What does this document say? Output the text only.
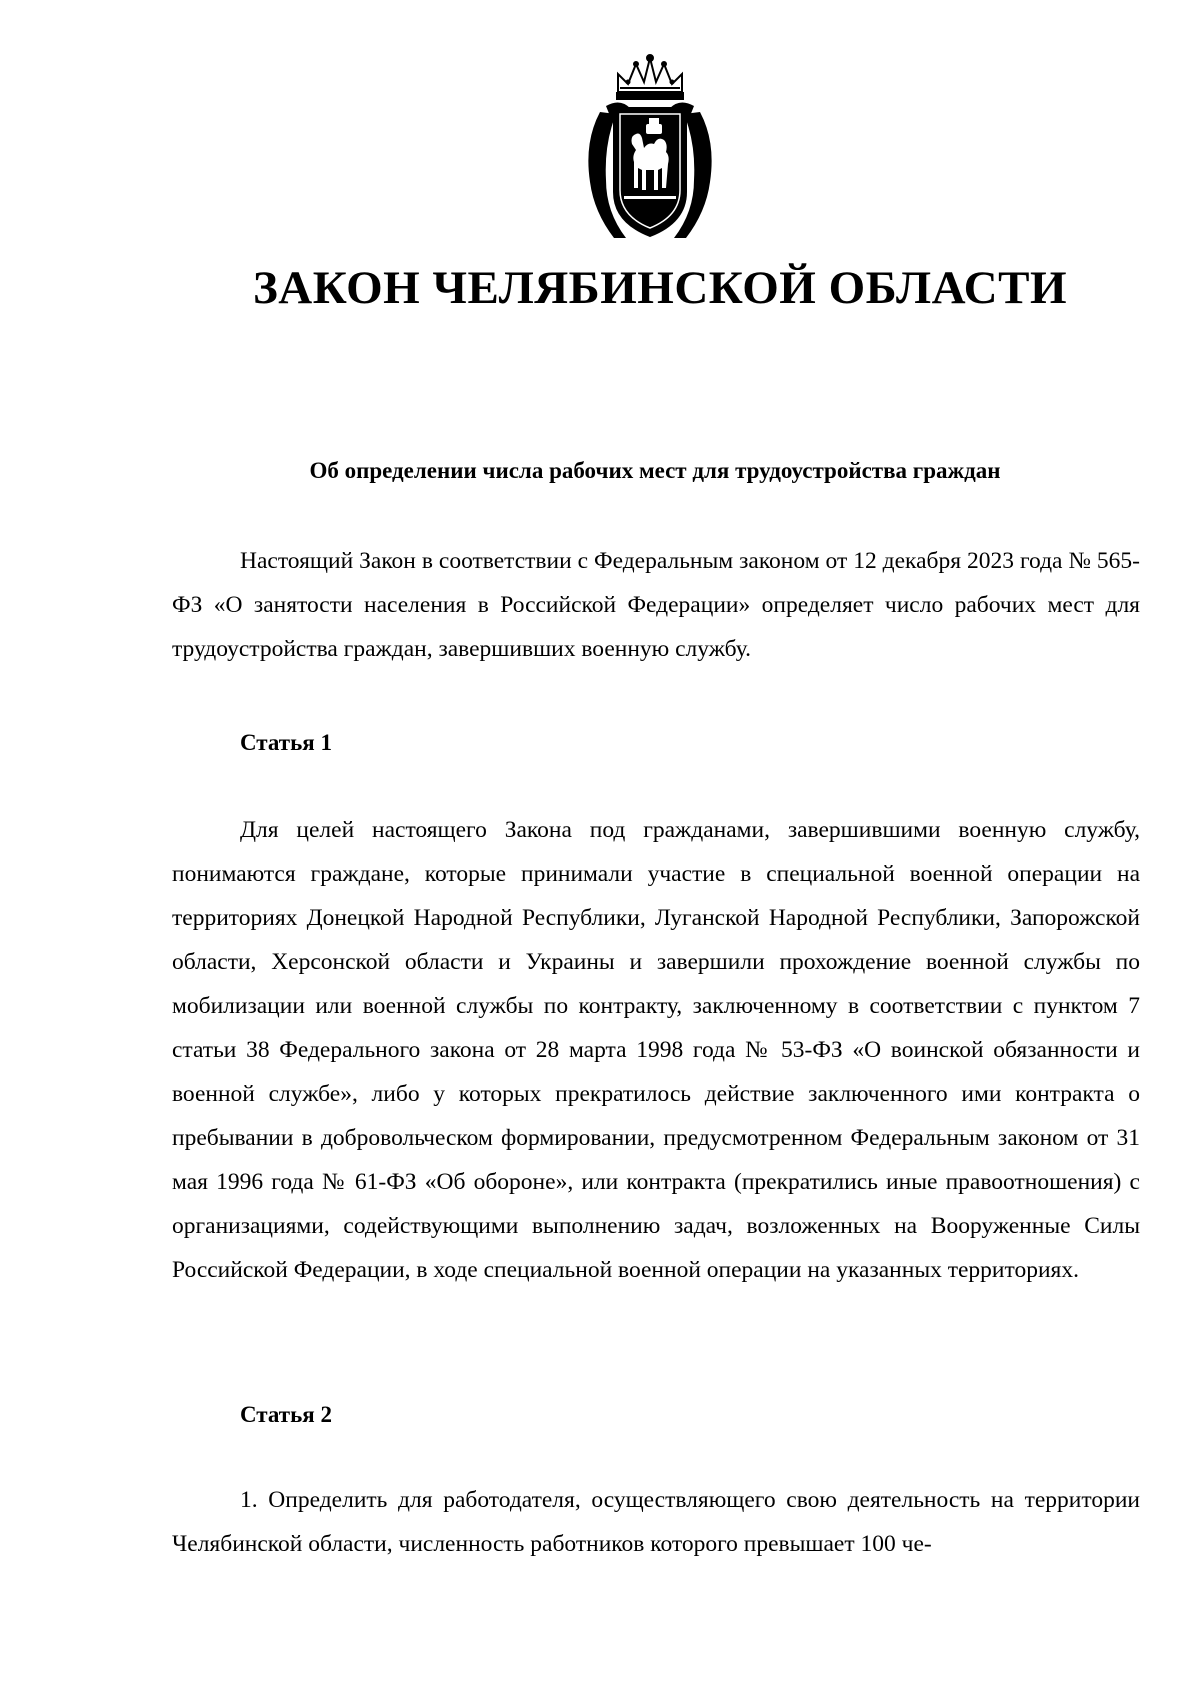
ЗАКОН ЧЕЛЯБИНСКОЙ ОБЛАСТИ
Об определении числа рабочих мест для трудоустройства граждан

Настоящий Закон в соответствии с Федеральным законом от 12 декабря 2023 года № 565-ФЗ «О занятости населения в Российской Федерации» определяет число рабочих мест для трудоустройства граждан, завершивших военную службу.

Статья 1

Для целей настоящего Закона под гражданами, завершившими военную службу, понимаются граждане, которые принимали участие в специальной военной операции на территориях Донецкой Народной Республики, Луганской Народной Республики, Запорожской области, Херсонской области и Украины и завершили прохождение военной службы по мобилизации или военной службы по контракту, заключенному в соответствии с пунктом 7 статьи 38 Федерального закона от 28 марта 1998 года № 53-ФЗ «О воинской обязанности и военной службе», либо у которых прекратилось действие заключенного ими контракта о пребывании в добровольческом формировании, предусмотренном Федеральным законом от 31 мая 1996 года № 61-ФЗ «Об обороне», или контракта (прекратились иные правоотношения) с организациями, содействующими выполнению задач, возложенных на Вооруженные Силы Российской Федерации, в ходе специальной военной операции на указанных территориях.

Статья 2

1. Определить для работодателя, осуществляющего свою деятельность на территории Челябинской области, численность работников которого превышает 100 че-
